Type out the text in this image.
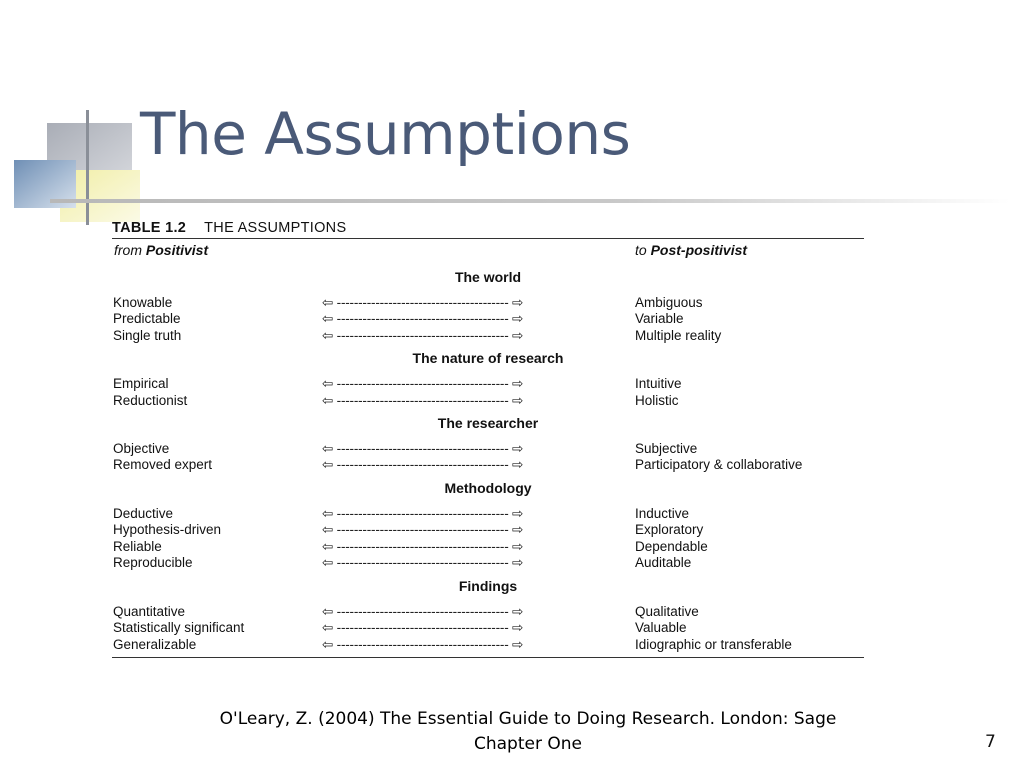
The Assumptions
TABLE 1.2 THE ASSUMPTIONS
from Positivist	to Post-positivist
The world
Knowable	⇦ ---------------------------------------- ⇨	Ambiguous
Predictable	⇦ ---------------------------------------- ⇨	Variable
Single truth	⇦ ---------------------------------------- ⇨	Multiple reality
The nature of research
Empirical	⇦ ---------------------------------------- ⇨	Intuitive
Reductionist	⇦ ---------------------------------------- ⇨	Holistic
The researcher
Objective	⇦ ---------------------------------------- ⇨	Subjective
Removed expert	⇦ ---------------------------------------- ⇨	Participatory & collaborative
Methodology
Deductive	⇦ ---------------------------------------- ⇨	Inductive
Hypothesis-driven	⇦ ---------------------------------------- ⇨	Exploratory
Reliable	⇦ ---------------------------------------- ⇨	Dependable
Reproducible	⇦ ---------------------------------------- ⇨	Auditable
Findings
Quantitative	⇦ ---------------------------------------- ⇨	Qualitative
Statistically significant	⇦ ---------------------------------------- ⇨	Valuable
Generalizable	⇦ ---------------------------------------- ⇨	Idiographic or transferable
O'Leary, Z. (2004) The Essential Guide to Doing Research. London: Sage
Chapter One	7
